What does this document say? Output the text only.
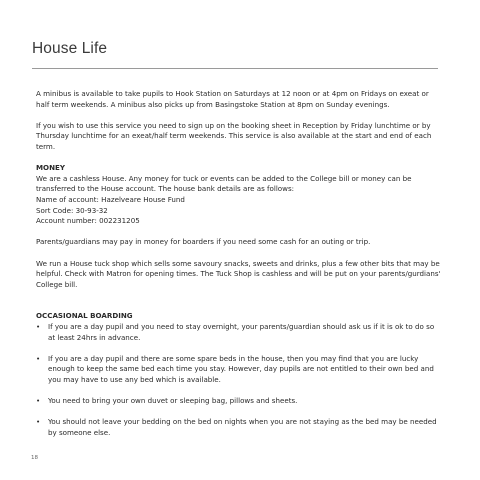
House Life

A minibus is available to take pupils to Hook Station on Saturdays at 12 noon or at 4pm on Fridays on exeat or half term weekends. A minibus also picks up from Basingstoke Station at 8pm on Sunday evenings.

If you wish to use this service you need to sign up on the booking sheet in Reception by Friday lunchtime or by Thursday lunchtime for an exeat/half term weekends. This service is also available at the start and end of each term.

MONEY

We are a cashless House. Any money for tuck or events can be added to the College bill or money can be transferred to the House account. The house bank details are as follows:
Name of account: Hazelveare House Fund
Sort Code: 30-93-32
Account number: 002231205

Parents/guardians may pay in money for boarders if you need some cash for an outing or trip.

We run a House tuck shop which sells some savoury snacks, sweets and drinks, plus a few other bits that may be helpful. Check with Matron for opening times. The Tuck Shop is cashless and will be put on your parents/gurdians' College bill.

OCCASIONAL BOARDING

• If you are a day pupil and you need to stay overnight, your parents/guardian should ask us if it is ok to do so at least 24hrs in advance.
• If you are a day pupil and there are some spare beds in the house, then you may find that you are lucky enough to keep the same bed each time you stay. However, day pupils are not entitled to their own bed and you may have to use any bed which is available.
• You need to bring your own duvet or sleeping bag, pillows and sheets.
• You should not leave your bedding on the bed on nights when you are not staying as the bed may be needed by someone else.
18
